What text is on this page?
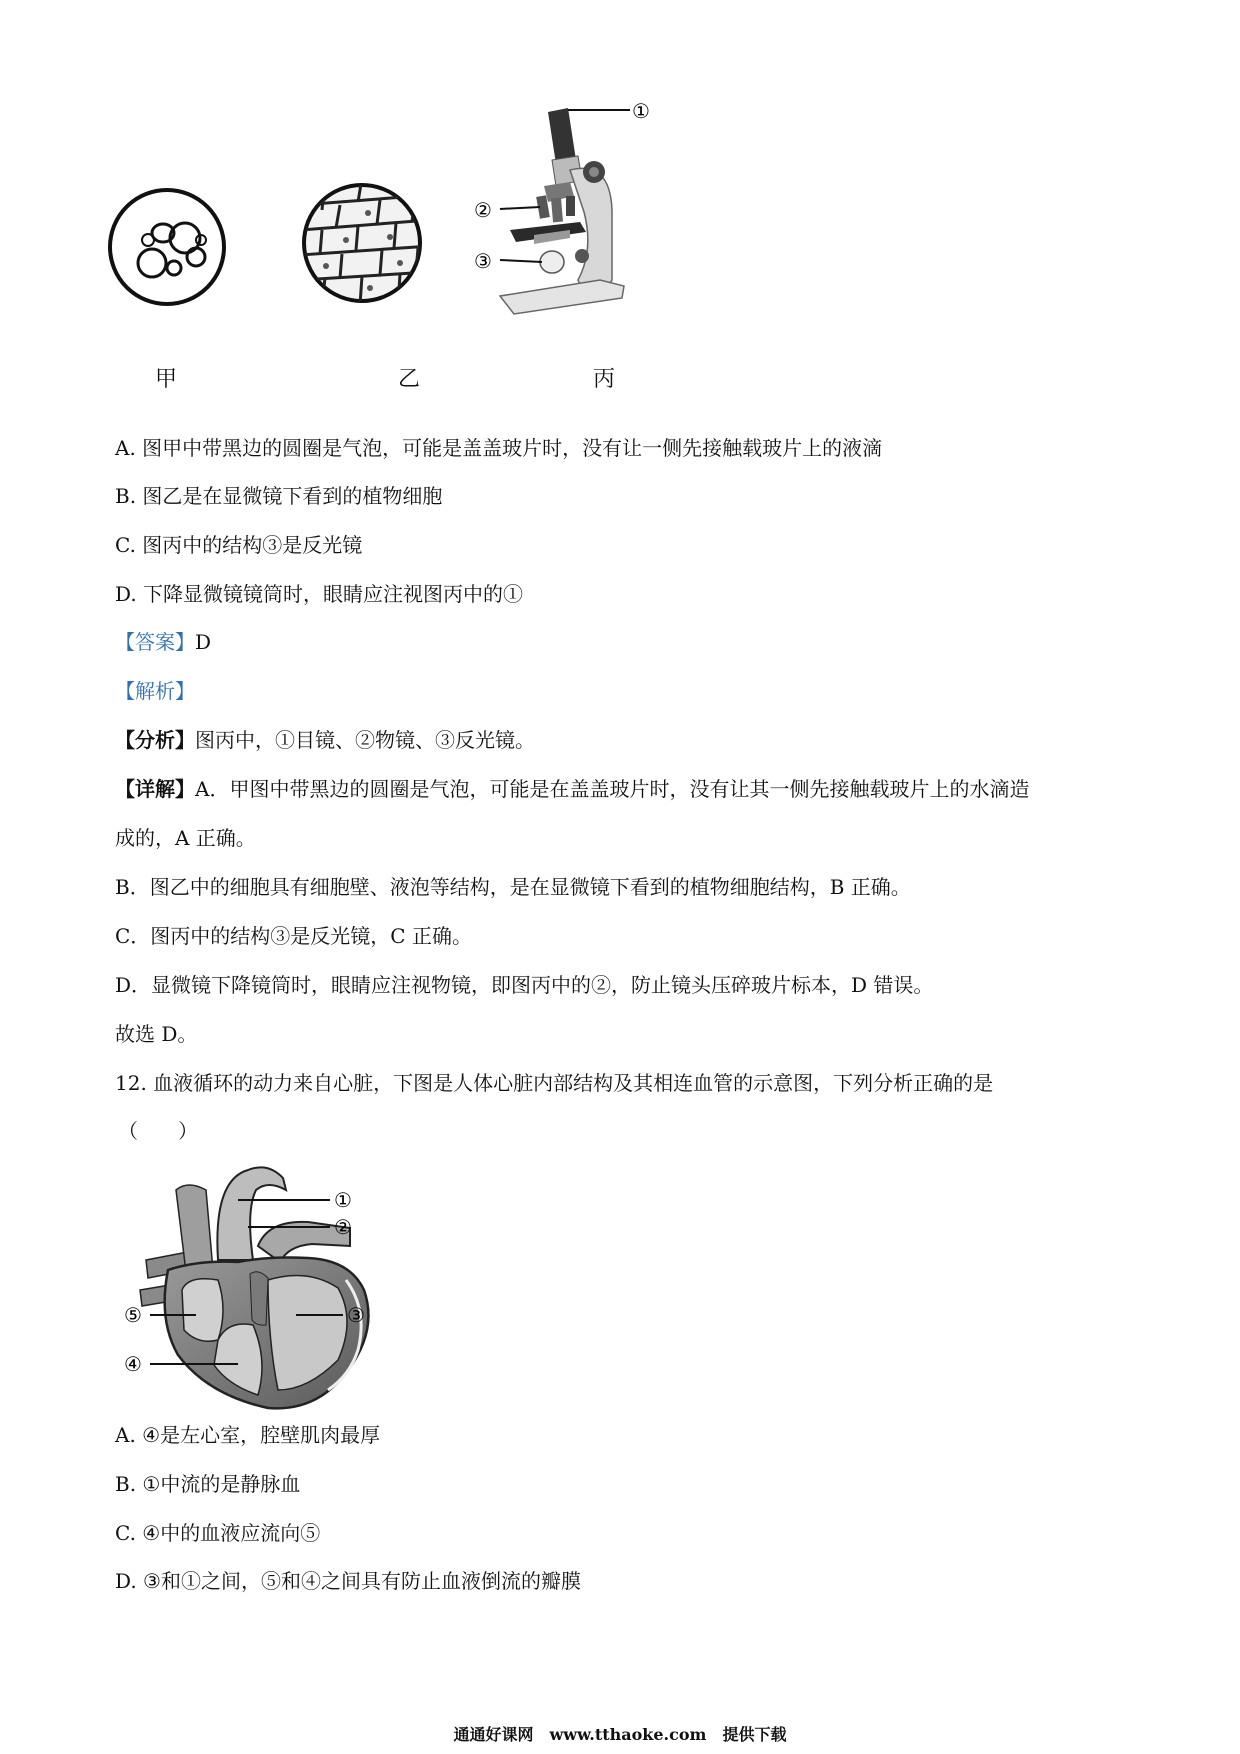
①
②
③
甲	乙	丙
A. 图甲中带黑边的圆圈是气泡，可能是盖盖玻片时，没有让一侧先接触载玻片上的液滴
B. 图乙是在显微镜下看到的植物细胞
C. 图丙中的结构③是反光镜
D. 下降显微镜镜筒时，眼睛应注视图丙中的①
【答案】D
【解析】
【分析】图丙中，①目镜、②物镜、③反光镜。
【详解】A．甲图中带黑边的圆圈是气泡，可能是在盖盖玻片时，没有让其一侧先接触载玻片上的水滴造
成的，A 正确。
B．图乙中的细胞具有细胞壁、液泡等结构，是在显微镜下看到的植物细胞结构，B 正确。
C．图丙中的结构③是反光镜，C 正确。
D．显微镜下降镜筒时，眼睛应注视物镜，即图丙中的②，防止镜头压碎玻片标本，D 错误。
故选 D。
12. 血液循环的动力来自心脏，下图是人体心脏内部结构及其相连血管的示意图，下列分析正确的是
（　　）
①
②
③
④
⑤
A. ④是左心室，腔壁肌肉最厚
B. ①中流的是静脉血
C. ④中的血液应流向⑤
D. ③和①之间，⑤和④之间具有防止血液倒流的瓣膜
通通好课网　www.tthaoke.com　提供下载
